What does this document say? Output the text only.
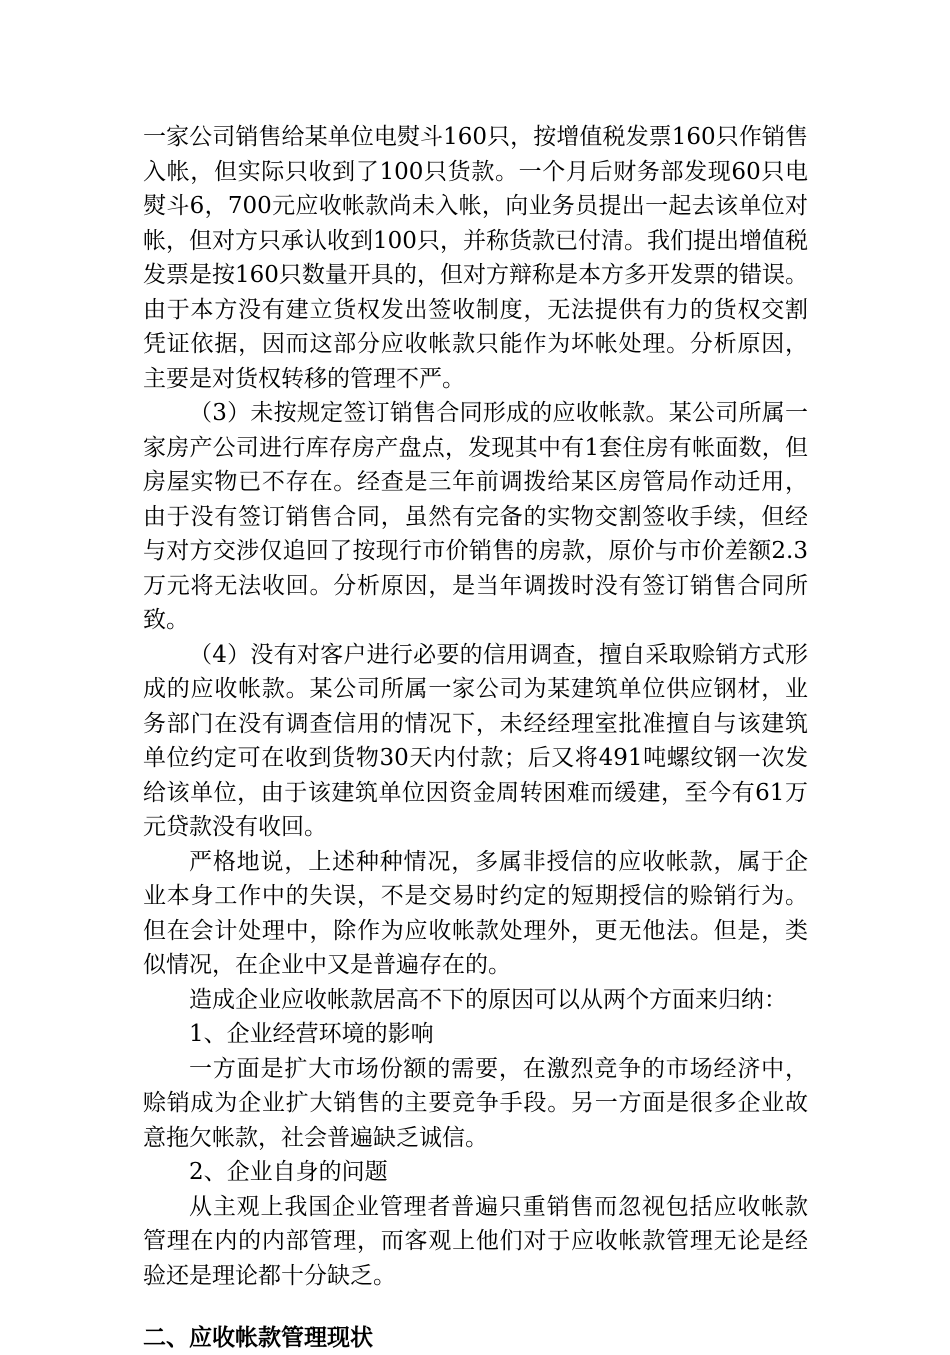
一家公司销售给某单位电熨斗160只，按增值税发票160只作销售入帐，但实际只收到了100只货款。一个月后财务部发现60只电熨斗6，700元应收帐款尚未入帐，向业务员提出一起去该单位对帐，但对方只承认收到100只，并称货款已付清。我们提出增值税发票是按160只数量开具的，但对方辩称是本方多开发票的错误。由于本方没有建立货权发出签收制度，无法提供有力的货权交割凭证依据，因而这部分应收帐款只能作为坏帐处理。分析原因，主要是对货权转移的管理不严。

（3）未按规定签订销售合同形成的应收帐款。某公司所属一家房产公司进行库存房产盘点，发现其中有1套住房有帐面数，但房屋实物已不存在。经查是三年前调拨给某区房管局作动迁用，由于没有签订销售合同，虽然有完备的实物交割签收手续，但经与对方交涉仅追回了按现行市价销售的房款，原价与市价差额2.3万元将无法收回。分析原因，是当年调拨时没有签订销售合同所致。

（4）没有对客户进行必要的信用调查，擅自采取赊销方式形成的应收帐款。某公司所属一家公司为某建筑单位供应钢材，业务部门在没有调查信用的情况下，未经经理室批准擅自与该建筑单位约定可在收到货物30天内付款；后又将491吨螺纹钢一次发给该单位，由于该建筑单位因资金周转困难而缓建，至今有61万元贷款没有收回。

严格地说，上述种种情况，多属非授信的应收帐款，属于企业本身工作中的失误，不是交易时约定的短期授信的赊销行为。但在会计处理中，除作为应收帐款处理外，更无他法。但是，类似情况，在企业中又是普遍存在的。

造成企业应收帐款居高不下的原因可以从两个方面来归纳：

1、企业经营环境的影响

一方面是扩大市场份额的需要，在激烈竞争的市场经济中，赊销成为企业扩大销售的主要竞争手段。另一方面是很多企业故意拖欠帐款，社会普遍缺乏诚信。

2、企业自身的问题

从主观上我国企业管理者普遍只重销售而忽视包括应收帐款管理在内的内部管理，而客观上他们对于应收帐款管理无论是经验还是理论都十分缺乏。

二、应收帐款管理现状
